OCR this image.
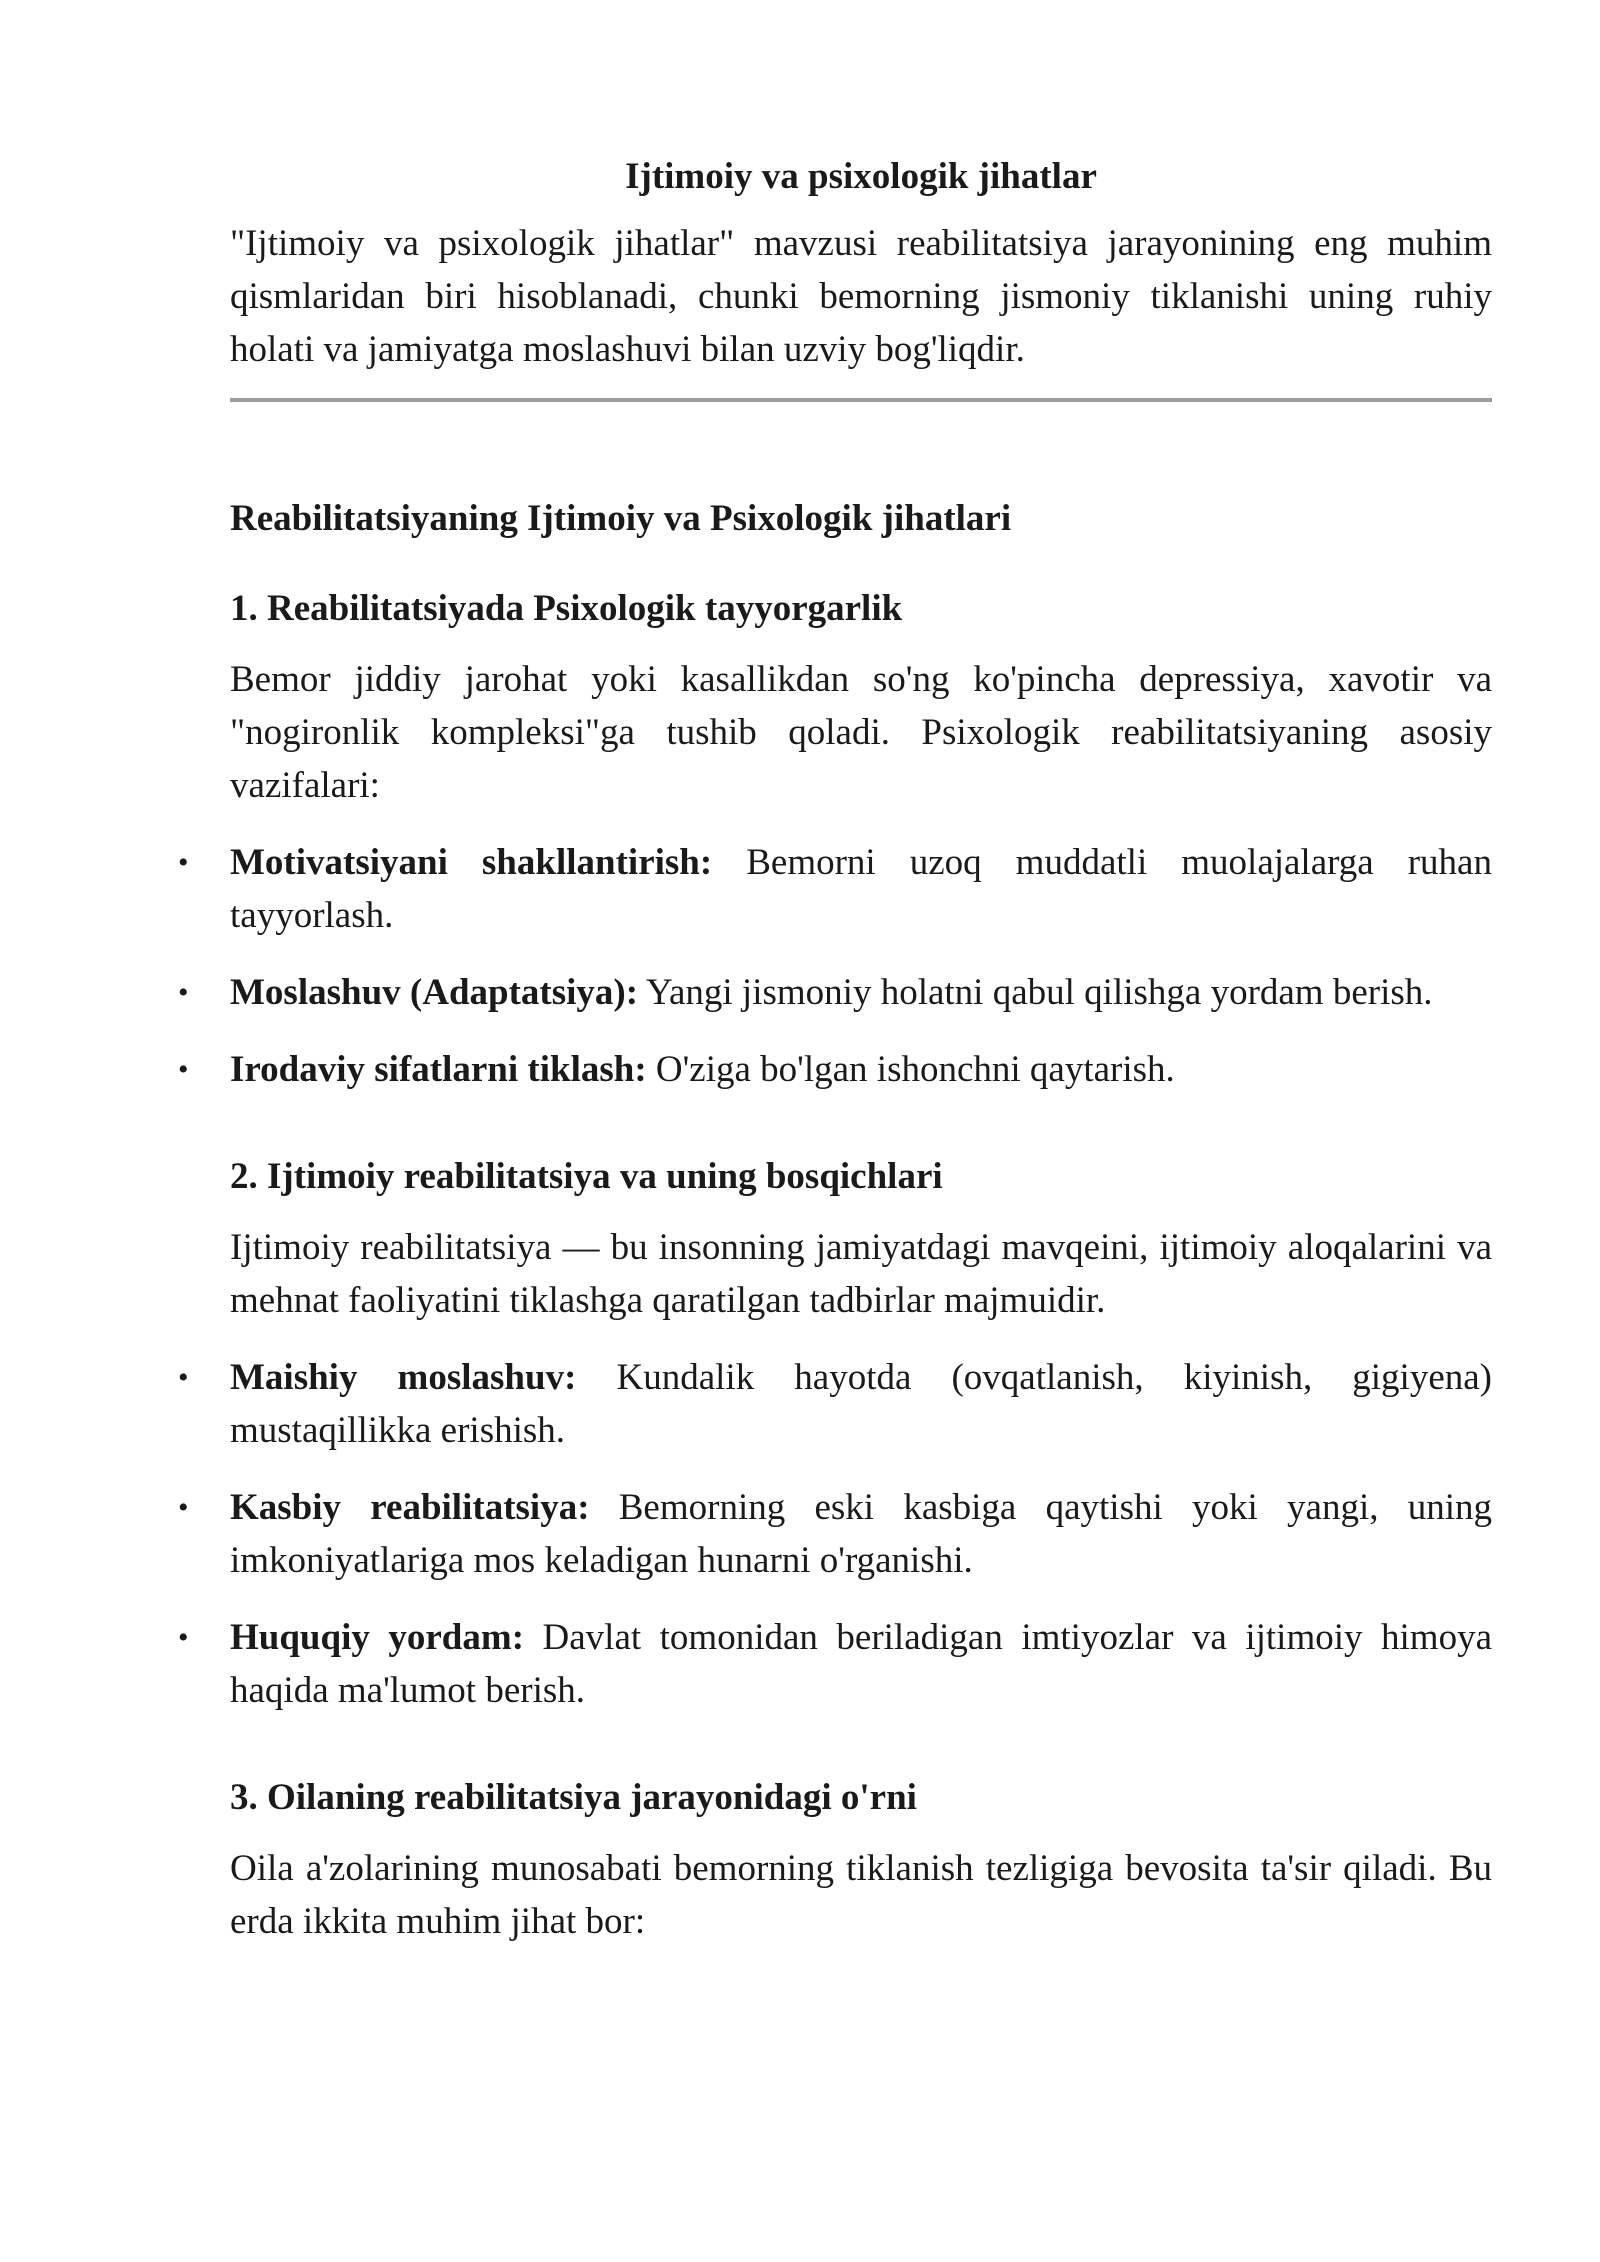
Ijtimoiy va psixologik jihatlar

"Ijtimoiy va psixologik jihatlar" mavzusi reabilitatsiya jarayonining eng muhim qismlaridan biri hisoblanadi, chunki bemorning jismoniy tiklanishi uning ruhiy holati va jamiyatga moslashuvi bilan uzviy bog'liqdir.

Reabilitatsiyaning Ijtimoiy va Psixologik jihatlari
1. Reabilitatsiyada Psixologik tayyorgarlik

Bemor jiddiy jarohat yoki kasallikdan so'ng ko'pincha depressiya, xavotir va "nogironlik kompleksi"ga tushib qoladi. Psixologik reabilitatsiyaning asosiy vazifalari:

• Motivatsiyani shakllantirish: Bemorni uzoq muddatli muolajalarga ruhan tayyorlash.
• Moslashuv (Adaptatsiya): Yangi jismoniy holatni qabul qilishga yordam berish.
• Irodaviy sifatlarni tiklash: O'ziga bo'lgan ishonchni qaytarish.
2. Ijtimoiy reabilitatsiya va uning bosqichlari

Ijtimoiy reabilitatsiya — bu insonning jamiyatdagi mavqeini, ijtimoiy aloqalarini va mehnat faoliyatini tiklashga qaratilgan tadbirlar majmuidir.

• Maishiy moslashuv: Kundalik hayotda (ovqatlanish, kiyinish, gigiyena) mustaqillikka erishish.
• Kasbiy reabilitatsiya: Bemorning eski kasbiga qaytishi yoki yangi, uning imkoniyatlariga mos keladigan hunarni o'rganishi.
• Huquqiy yordam: Davlat tomonidan beriladigan imtiyozlar va ijtimoiy himoya haqida ma'lumot berish.
3. Oilaning reabilitatsiya jarayonidagi o'rni

Oila a'zolarining munosabati bemorning tiklanish tezligiga bevosita ta'sir qiladi. Bu erda ikkita muhim jihat bor:
